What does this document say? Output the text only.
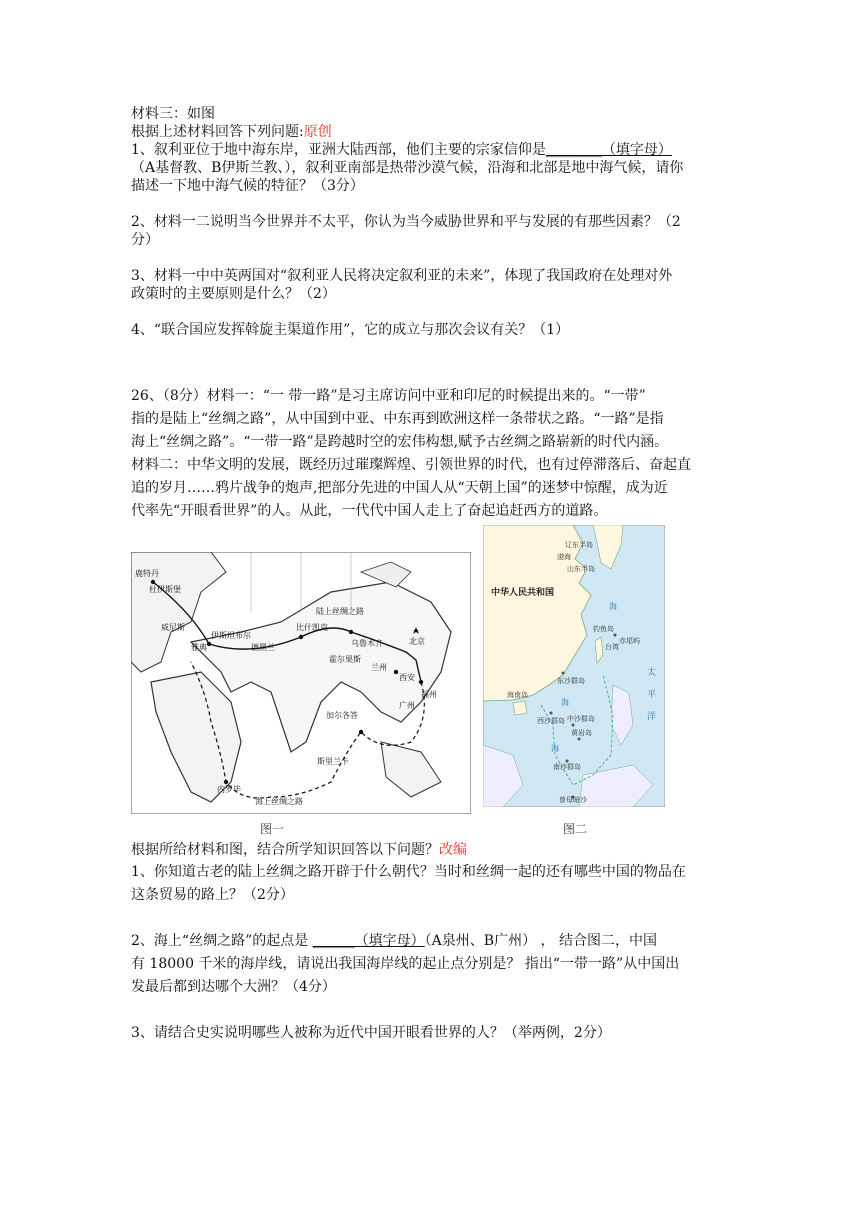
材料三：如图
根据上述材料回答下列问题:原创
1、叙利亚位于地中海东岸，亚洲大陆西部，他们主要的宗家信仰是________（填字母）
（A基督教、B伊斯兰教、），叙利亚南部是热带沙漠气候，沿海和北部是地中海气候，请你
描述一下地中海气候的特征？（3分）
2、材料一二说明当今世界并不太平，你认为当今威胁世界和平与发展的有那些因素？（2
分）
3、材料一中中英两国对“叙利亚人民将决定叙利亚的未来”，体现了我国政府在处理对外
政策时的主要原则是什么？（2）
4、“联合国应发挥斡旋主渠道作用”，它的成立与那次会议有关？（1）
26、（8分）材料一：“一 带一路”是习主席访问中亚和印尼的时候提出来的。“一带”
指的是陆上“丝绸之路”，从中国到中亚、中东再到欧洲这样一条带状之路。“一路”是指
海上“丝绸之路”。“一带一路”是跨越时空的宏伟构想,赋予古丝绸之路崭新的时代内涵。
材料二：中华文明的发展，既经历过璀璨辉煌、引领世界的时代，也有过停滞落后、奋起直
追的岁月……鸦片战争的炮声,把部分先进的中国人从“天朝上国”的迷梦中惊醒，成为近
代率先“开眼看世界”的人。从此，一代代中国人走上了奋起追赶西方的道路。
鹿特丹
杜伊斯堡
威尼斯
雅典
伊斯坦布尔
德黑兰
陆上丝绸之路
比什凯克
乌鲁木齐
霍尔果斯
兰州
北京
西安
福州
广州
加尔各答
斯里兰卡
内罗毕
海上丝绸之路
图一
中华人民共和国
辽东半岛
山东半岛
渤海
台湾
钓鱼岛
赤尾屿
东沙群岛
海南岛
西沙群岛 中沙群岛
黄岩岛
南沙群岛
曾母暗沙
太
平
洋
海
海
海
图二
根据所给材料和图，结合所学知识回答以下问题？改编
1、你知道古老的陆上丝绸之路开辟于什么朝代？当时和丝绸一起的还有哪些中国的物品在
这条贸易的路上？（2分）
2、海上“丝绸之路”的起点是 ______（填字母）（A泉州、B广州） ， 结合图二，中国
有 18000 千米的海岸线，请说出我国海岸线的起止点分别是？ 指出“一带一路”从中国出
发最后都到达哪个大洲？（4分）
3、请结合史实说明哪些人被称为近代中国开眼看世界的人？（举两例，2分）
